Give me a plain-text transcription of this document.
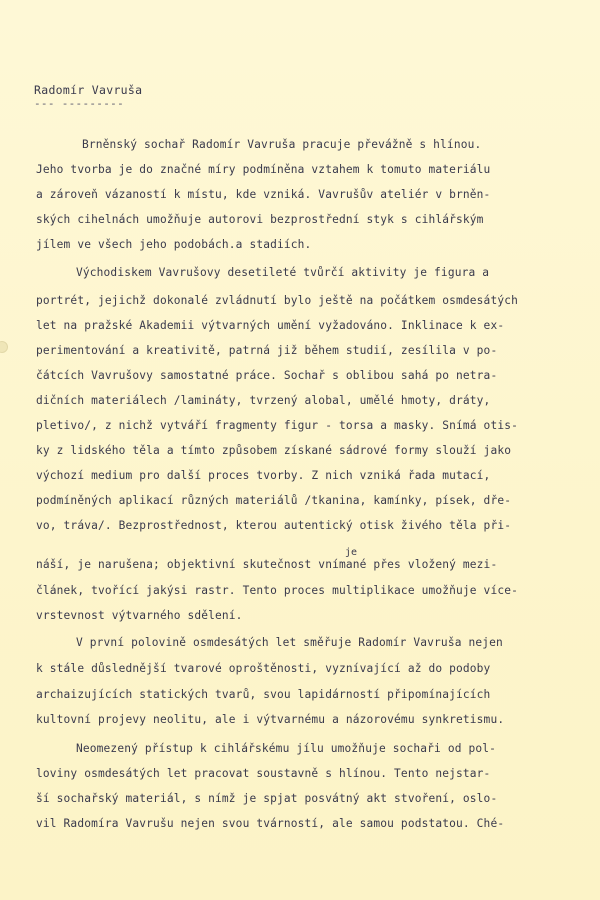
Radomír Vavruša
--- ---------
Brněnský sochař Radomír Vavruša pracuje převážně s hlínou.
Jeho tvorba je do značné míry podmíněna vztahem k tomuto materiálu
a zároveň vázaností k místu, kde vzniká. Vavrušův ateliér v brněn-
ských cihelnách umožňuje autorovi bezprostřední styk s cihlářským
jílem ve všech jeho podobách.a stadiích.
Východiskem Vavrušovy desetileté tvůrčí aktivity je figura a
portrét, jejichž dokonalé zvládnutí bylo ještě na počátkem osmdesátých
let na pražské Akademii výtvarných umění vyžadováno. Inklinace k ex-
perimentování a kreativitě, patrná již během studií, zesílila v po-
čátcích Vavrušovy samostatné práce. Sochař s oblibou sahá po netra-
dičních materiálech /lamináty, tvrzený alobal, umělé hmoty, dráty,
pletivo/, z nichž vytváří fragmenty figur - torsa a masky. Snímá otis-
ky z lidského těla a tímto způsobem získané sádrové formy slouží jako
výchozí medium pro další proces tvorby. Z nich vzniká řada mutací,
podmíněných aplikací různých materiálů /tkanina, kamínky, písek, dře-
vo, tráva/. Bezprostřednost, kterou autentický otisk živého těla při-
je
náší, je narušena; objektivní skutečnost vnímané přes vložený mezi-
článek, tvořící jakýsi rastr. Tento proces multiplikace umožňuje více-
vrstevnost výtvarného sdělení.
V první polovině osmdesátých let směřuje Radomír Vavruša nejen
k stále důslednější tvarové oproštěnosti, vyznívající až do podoby
archaizujících statických tvarů, svou lapidárností připomínajících
kultovní projevy neolitu, ale i výtvarnému a názorovému synkretismu.
Neomezený přístup k cihlářskému jílu umožňuje sochaři od pol-
loviny osmdesátých let pracovat soustavně s hlínou. Tento nejstar-
ší sochařský materiál, s nímž je spjat posvátný akt stvoření, oslo-
vil Radomíra Vavrušu nejen svou tvárností, ale samou podstatou. Ché-
